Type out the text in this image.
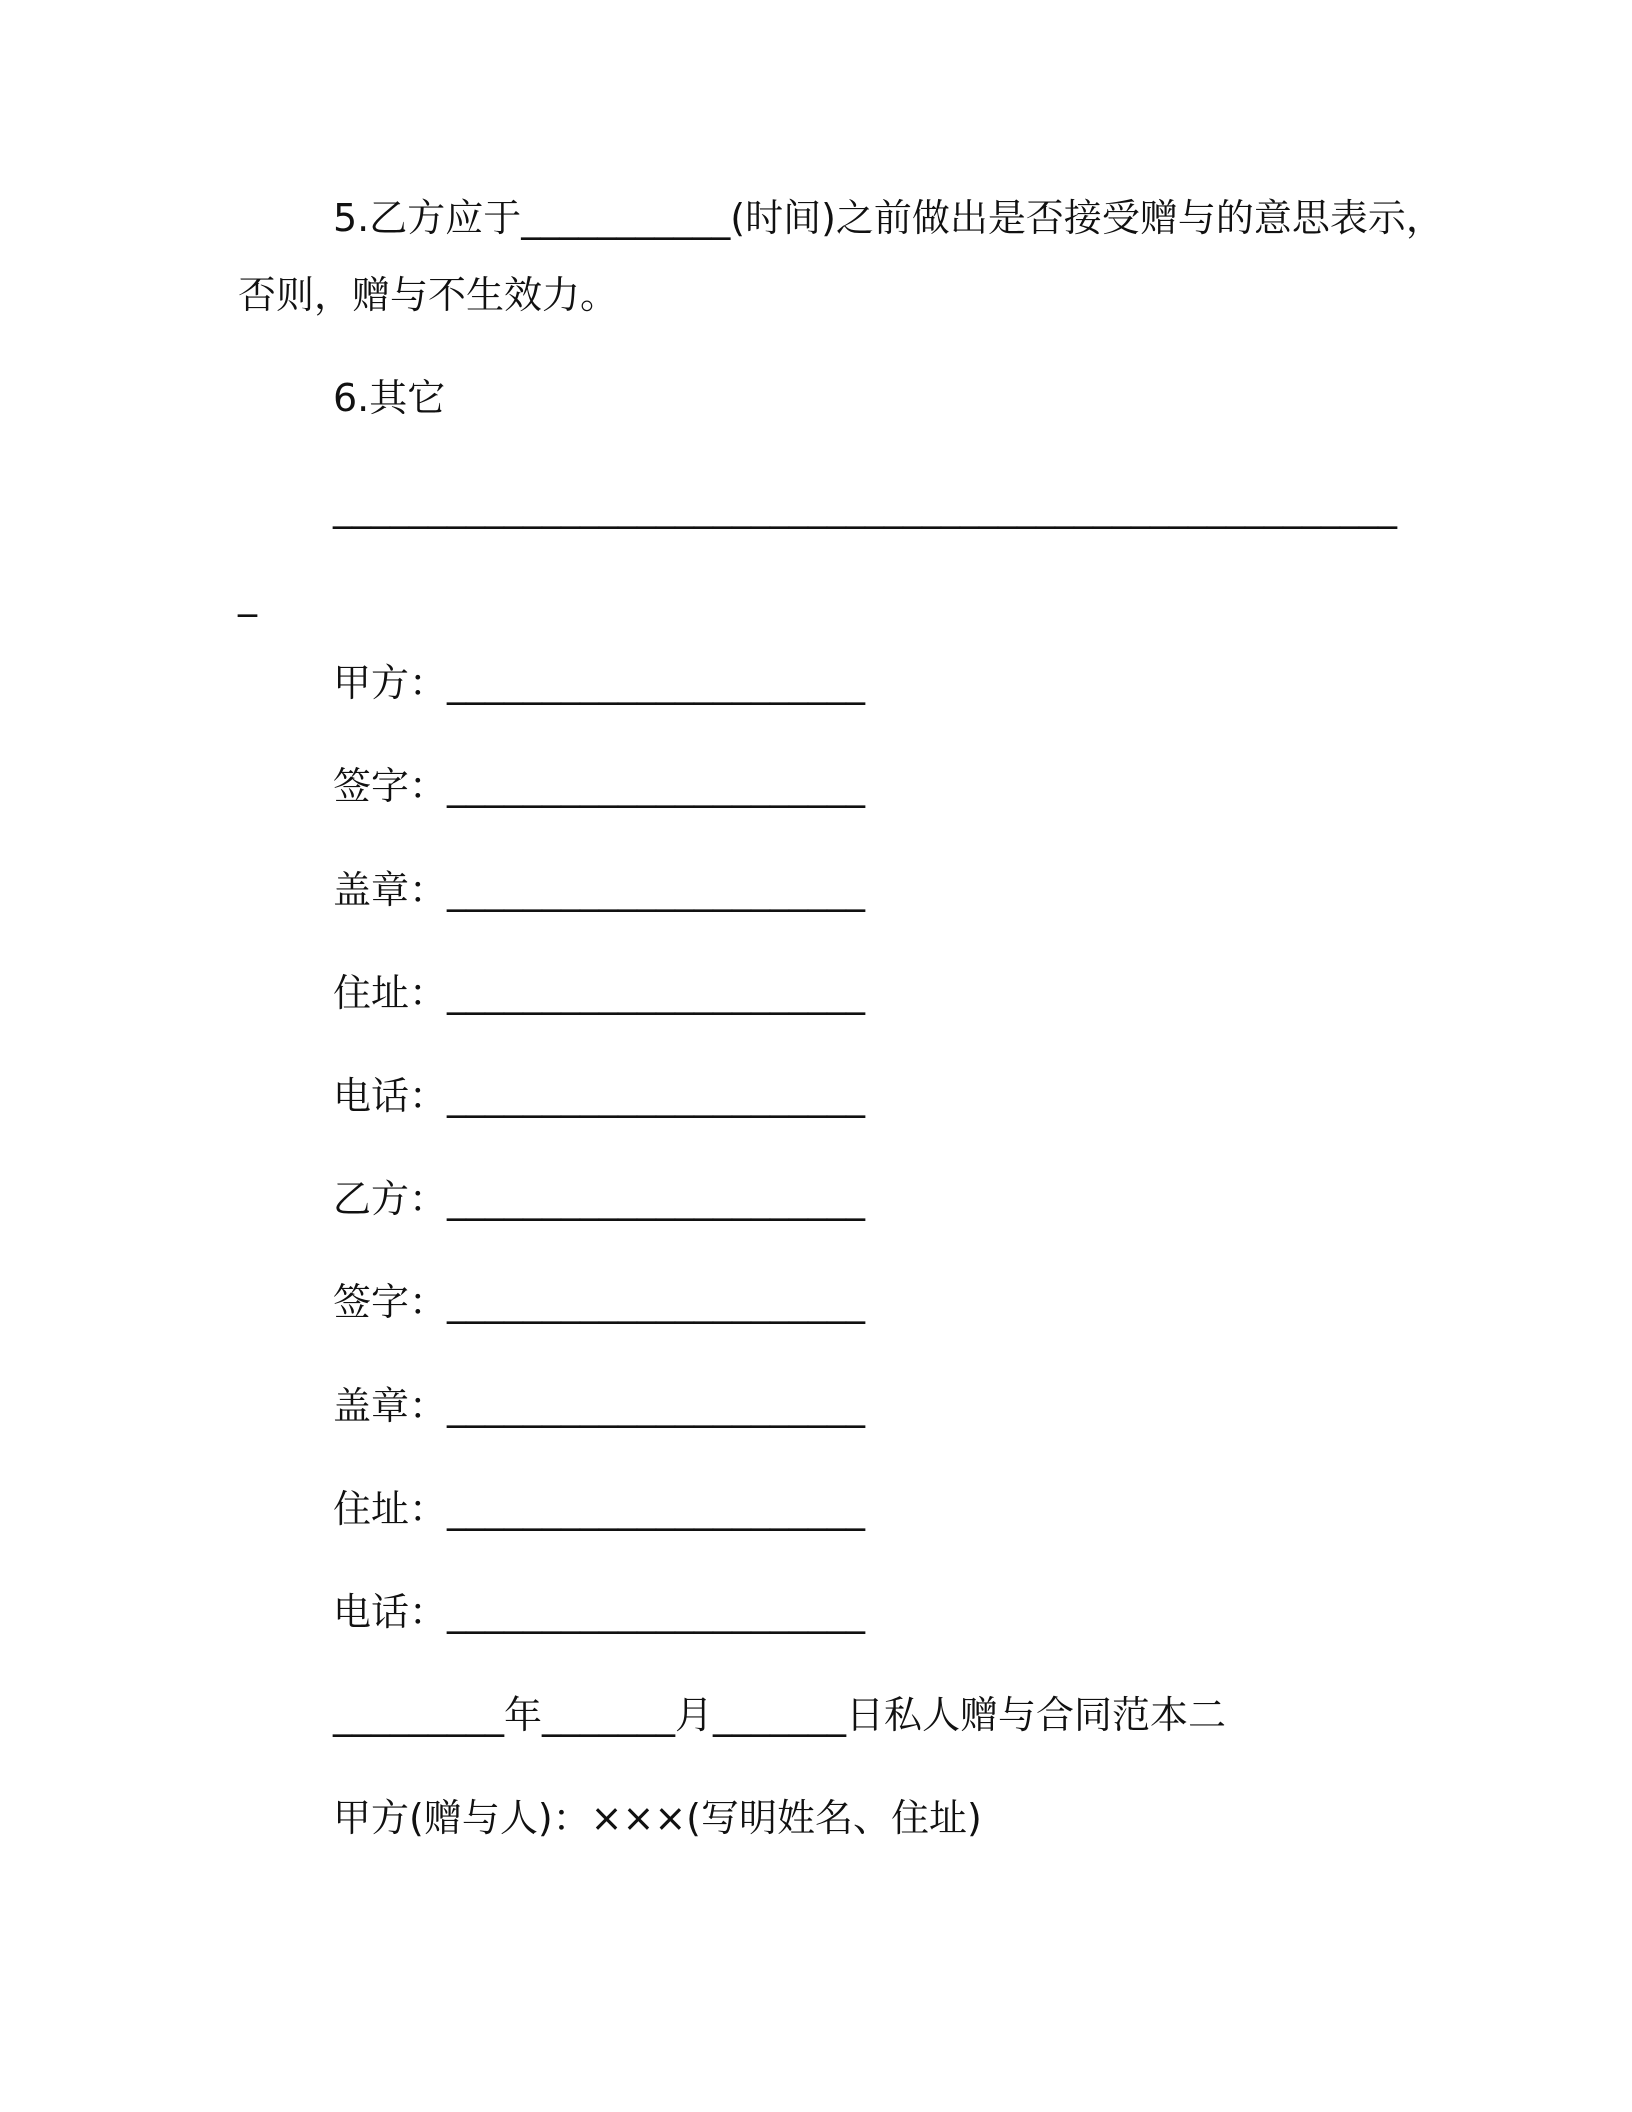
5.乙方应于___________(时间)之前做出是否接受赠与的意思表示，
否则，赠与不生效力。
6.其它
________________________________________________________
_
甲方：______________________
签字：______________________
盖章：______________________
住址：______________________
电话：______________________
乙方：______________________
签字：______________________
盖章：______________________
住址：______________________
电话：______________________
_________年_______月_______日私人赠与合同范本二
甲方(赠与人)：×××(写明姓名、住址)
